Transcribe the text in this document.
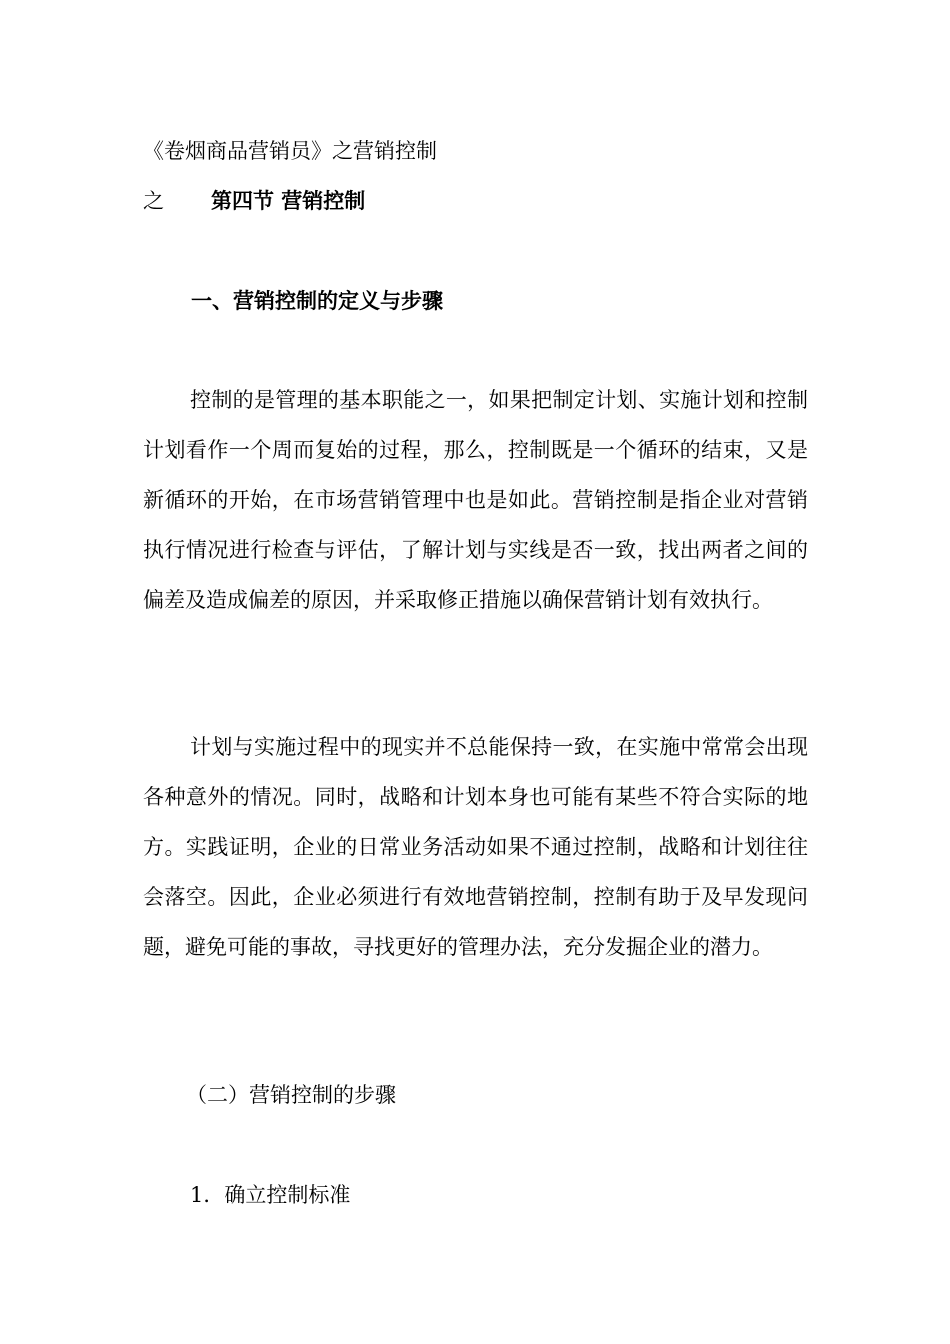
《卷烟商品营销员》之营销控制
之 第四节 营销控制
一、营销控制的定义与步骤
控制的是管理的基本职能之一，如果把制定计划、实施计划和控制计划看作一个周而复始的过程，那么，控制既是一个循环的结束，又是新循环的开始，在市场营销管理中也是如此。营销控制是指企业对营销执行情况进行检查与评估，了解计划与实线是否一致，找出两者之间的偏差及造成偏差的原因，并采取修正措施以确保营销计划有效执行。
计划与实施过程中的现实并不总能保持一致，在实施中常常会出现各种意外的情况。同时，战略和计划本身也可能有某些不符合实际的地方。实践证明，企业的日常业务活动如果不通过控制，战略和计划往往会落空。因此，企业必须进行有效地营销控制，控制有助于及早发现问题，避免可能的事故，寻找更好的管理办法，充分发掘企业的潜力。
（二）营销控制的步骤
1．确立控制标准
